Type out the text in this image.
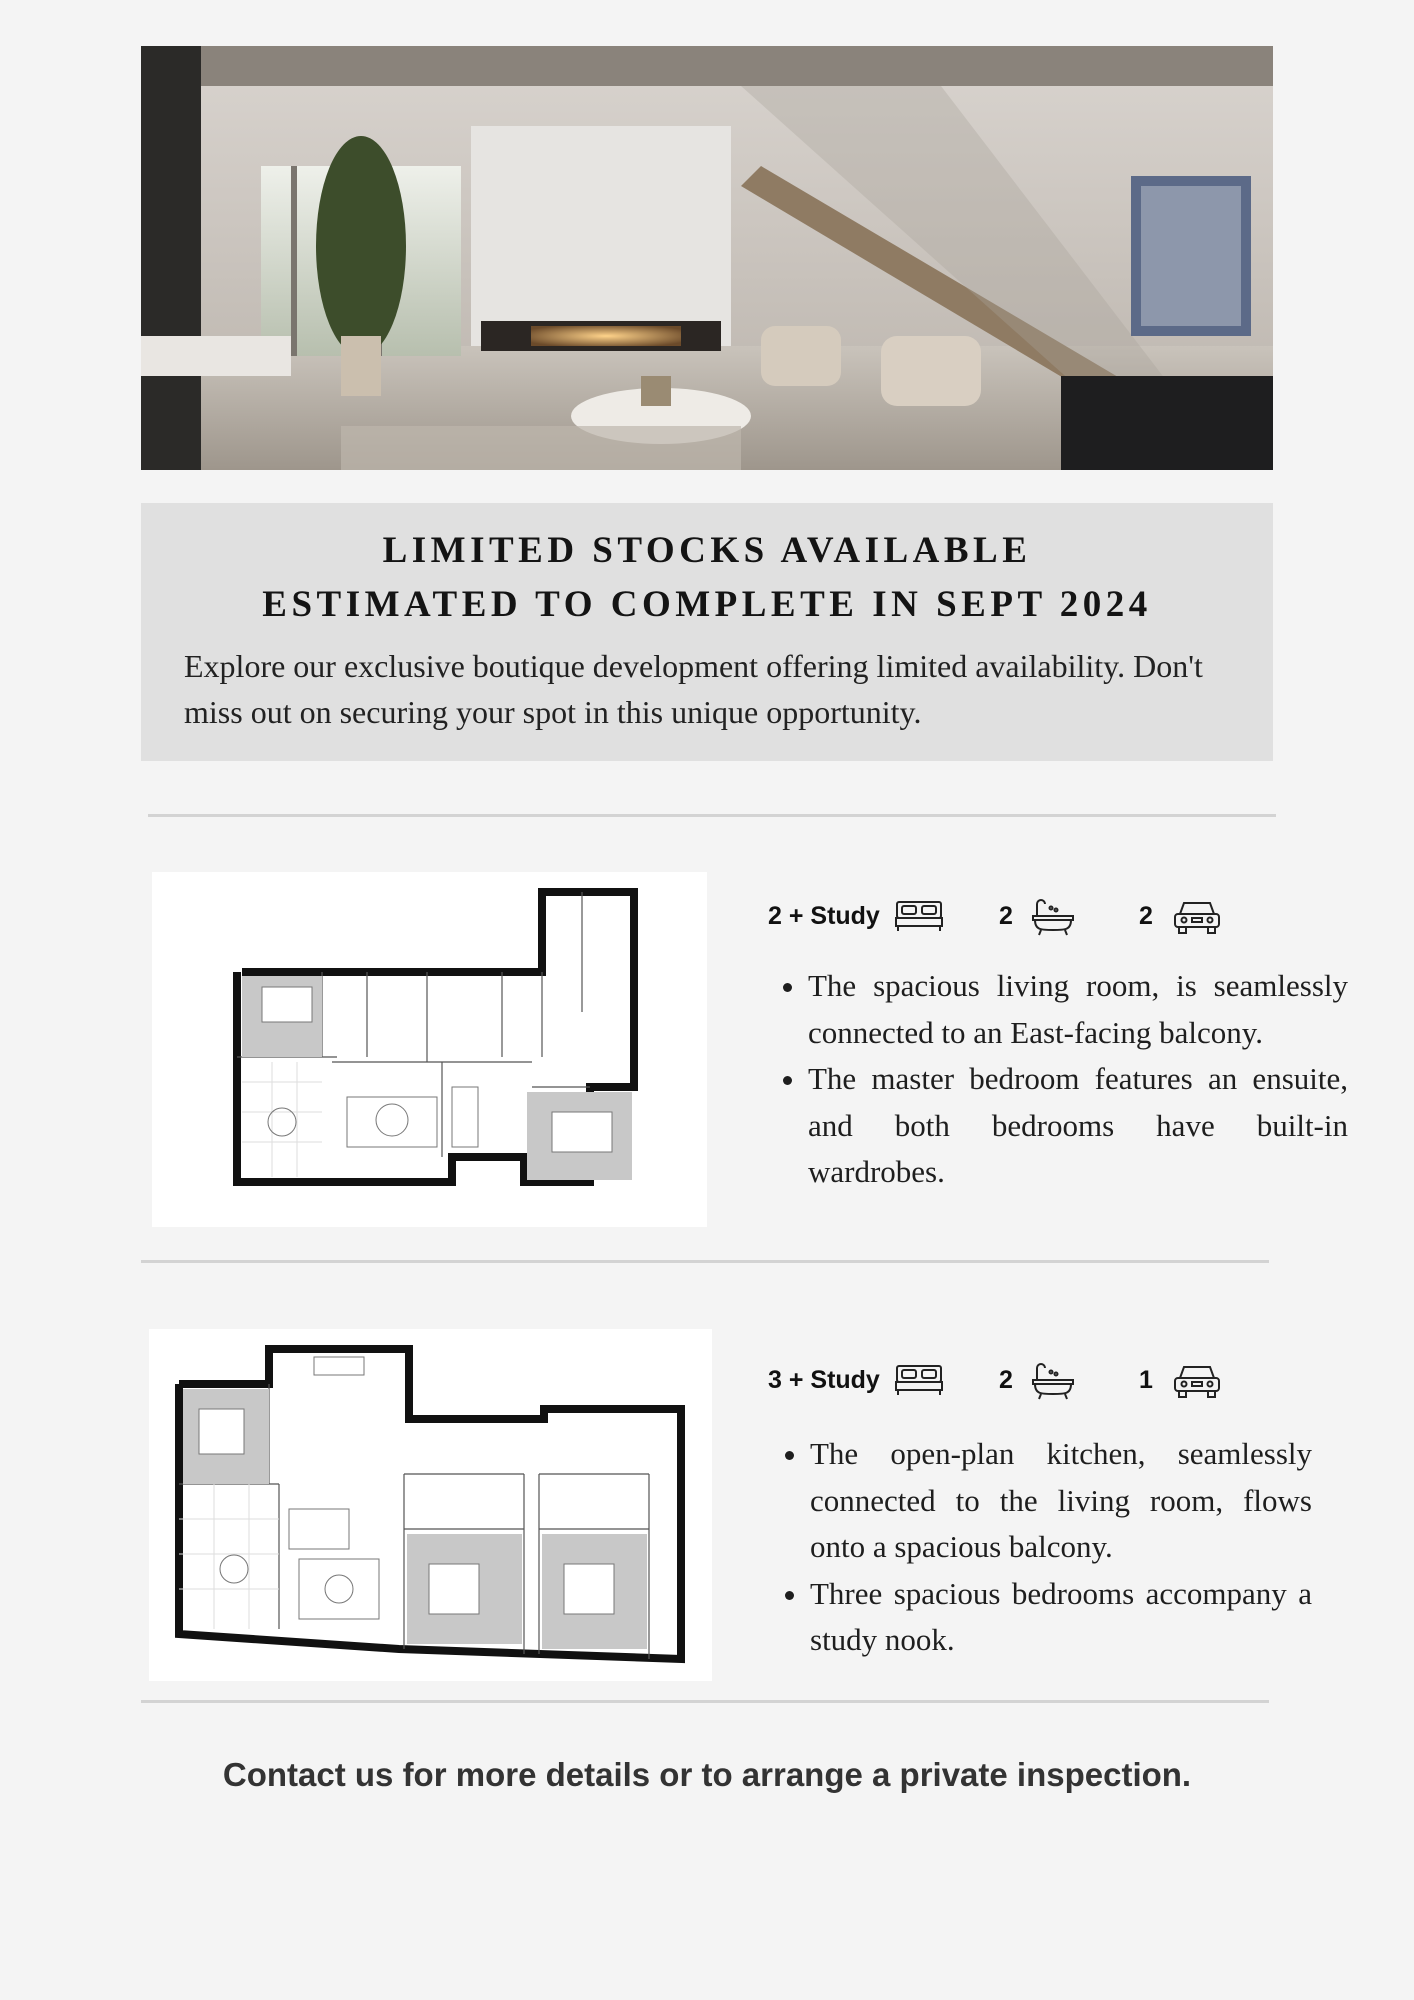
LIMITED STOCKS AVAILABLE
ESTIMATED TO COMPLETE IN SEPT 2024
Explore our exclusive boutique development offering limited availability. Don't miss out on securing your spot in this unique opportunity.
2 + Study	2	2
• The spacious living room, is seamlessly connected to an East-facing balcony.
• The master bedroom features an ensuite, and both bedrooms have built-in wardrobes.
3 + Study	2	1
• The open-plan kitchen, seamlessly connected to the living room, flows onto a spacious balcony.
• Three spacious bedrooms accompany a study nook.
Contact us for more details or to arrange a private inspection.
